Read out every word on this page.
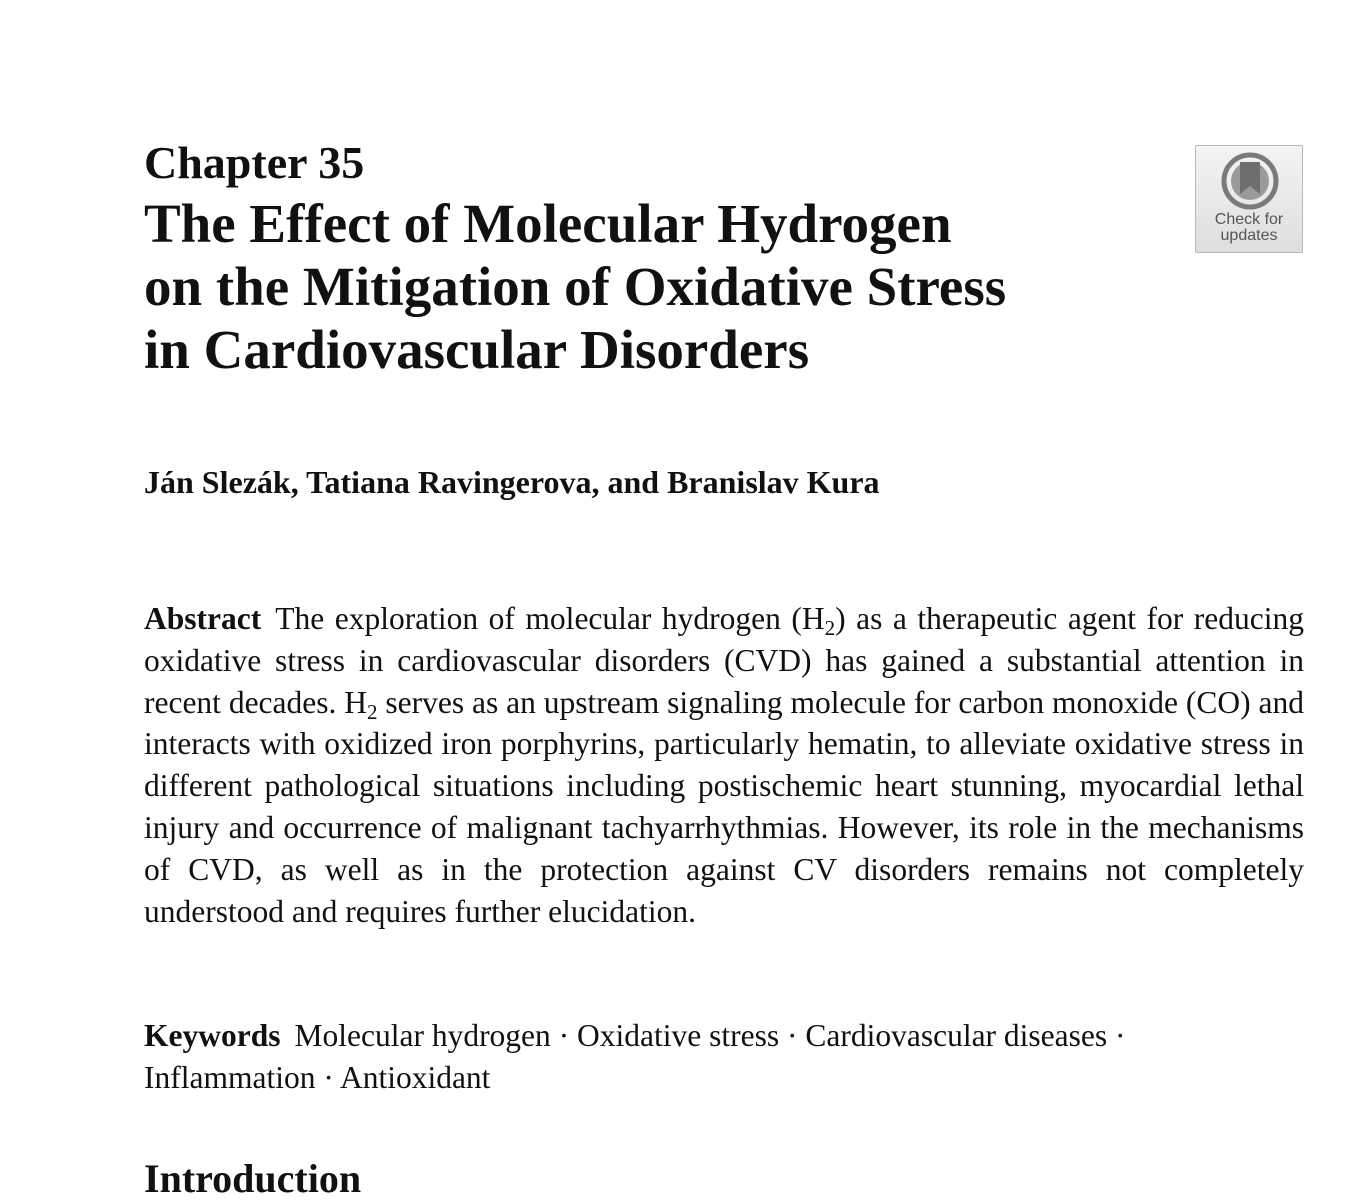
Chapter 35
The Effect of Molecular Hydrogen
on the Mitigation of Oxidative Stress
in Cardiovascular Disorders
Check for
updates

Ján Slezák, Tatiana Ravingerova, and Branislav Kura

Abstract The exploration of molecular hydrogen $(H_2)$ as a therapeutic agent for reducing oxidative stress in cardiovascular disorders (CVD) has gained a substantial attention in recent decades. $H_2$ serves as an upstream signaling molecule for carbon monoxide (CO) and interacts with oxidized iron porphyrins, particularly hematin, to alleviate oxidative stress in different pathological situations including postischemic heart stunning, myocardial lethal injury and occurrence of malignant tachyarrhythmias. However, its role in the mechanisms of CVD, as well as in the protection against CV disorders remains not completely understood and requires further elucidation.

Keywords Molecular hydrogen · Oxidative stress · Cardiovascular diseases · Inflammation · Antioxidant

Introduction
